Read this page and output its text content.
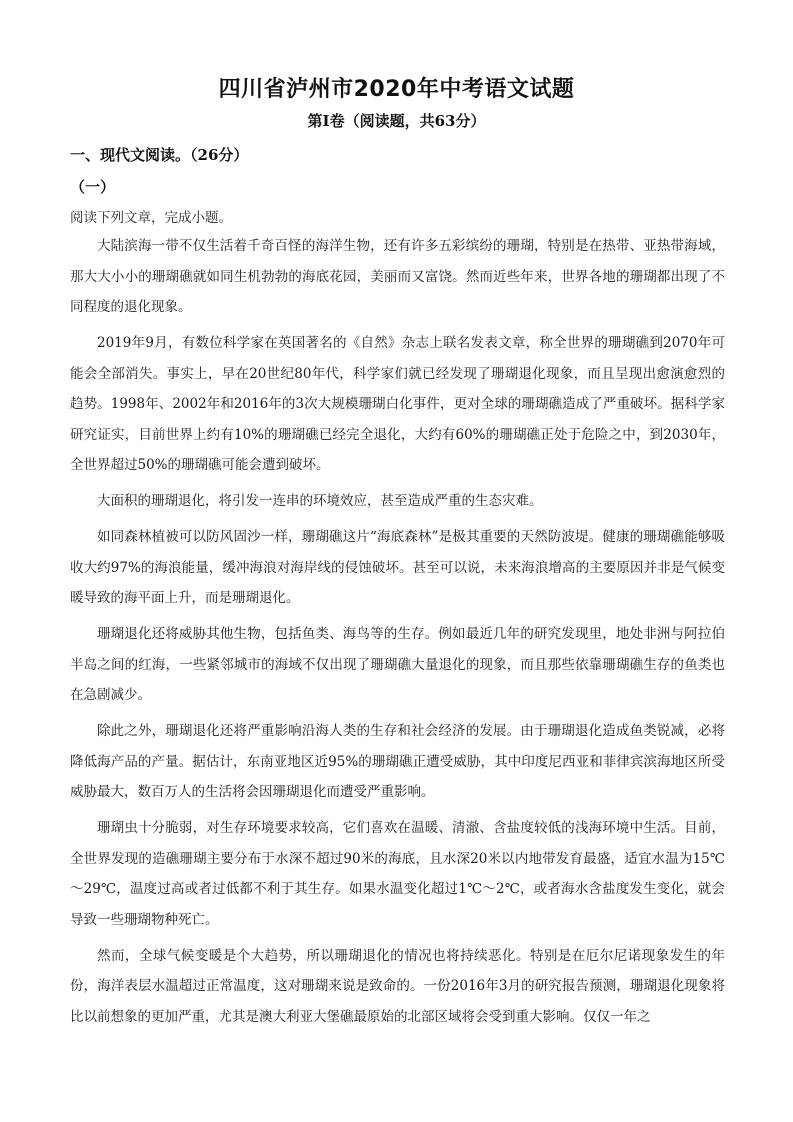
四川省泸州市2020年中考语文试题
第Ⅰ卷（阅读题，共63分）
一、现代文阅读。（26分）
（一）
阅读下列文章，完成小题。

大陆滨海一带不仅生活着千奇百怪的海洋生物，还有许多五彩缤纷的珊瑚，特别是在热带、亚热带海域，那大大小小的珊瑚礁就如同生机勃勃的海底花园，美丽而又富饶。然而近些年来，世界各地的珊瑚都出现了不同程度的退化现象。

2019年9月，有数位科学家在英国著名的《自然》杂志上联名发表文章，称全世界的珊瑚礁到2070年可能会全部消失。事实上，早在20世纪80年代，科学家们就已经发现了珊瑚退化现象，而且呈现出愈演愈烈的趋势。1998年、2002年和2016年的3次大规模珊瑚白化事件，更对全球的珊瑚礁造成了严重破坏。据科学家研究证实，目前世界上约有10%的珊瑚礁已经完全退化，大约有60%的珊瑚礁正处于危险之中，到2030年，全世界超过50%的珊瑚礁可能会遭到破坏。

大面积的珊瑚退化，将引发一连串的环境效应，甚至造成严重的生态灾难。

如同森林植被可以防风固沙一样，珊瑚礁这片“海底森林”是极其重要的天然防波堤。健康的珊瑚礁能够吸收大约97%的海浪能量，缓冲海浪对海岸线的侵蚀破坏。甚至可以说，未来海浪增高的主要原因并非是气候变暖导致的海平面上升，而是珊瑚退化。

珊瑚退化还将威胁其他生物，包括鱼类、海鸟等的生存。例如最近几年的研究发现里，地处非洲与阿拉伯半岛之间的红海，一些紧邻城市的海域不仅出现了珊瑚礁大量退化的现象，而且那些依靠珊瑚礁生存的鱼类也在急剧减少。

除此之外，珊瑚退化还将严重影响沿海人类的生存和社会经济的发展。由于珊瑚退化造成鱼类锐减，必将降低海产品的产量。据估计，东南亚地区近95%的珊瑚礁正遭受威胁，其中印度尼西亚和菲律宾滨海地区所受威胁最大，数百万人的生活将会因珊瑚退化而遭受严重影响。

珊瑚虫十分脆弱，对生存环境要求较高，它们喜欢在温暖、清澈、含盐度较低的浅海环境中生活。目前，全世界发现的造礁珊瑚主要分布于水深不超过90米的海底，且水深20米以内地带发育最盛，适宜水温为15℃～29℃，温度过高或者过低都不利于其生存。如果水温变化超过1℃～2℃，或者海水含盐度发生变化，就会导致一些珊瑚物种死亡。

然而，全球气候变暖是个大趋势，所以珊瑚退化的情况也将持续恶化。特别是在厄尔尼诺现象发生的年份，海洋表层水温超过正常温度，这对珊瑚来说是致命的。一份2016年3月的研究报告预测，珊瑚退化现象将比以前想象的更加严重，尤其是澳大利亚大堡礁最原始的北部区域将会受到重大影响。仅仅一年之
